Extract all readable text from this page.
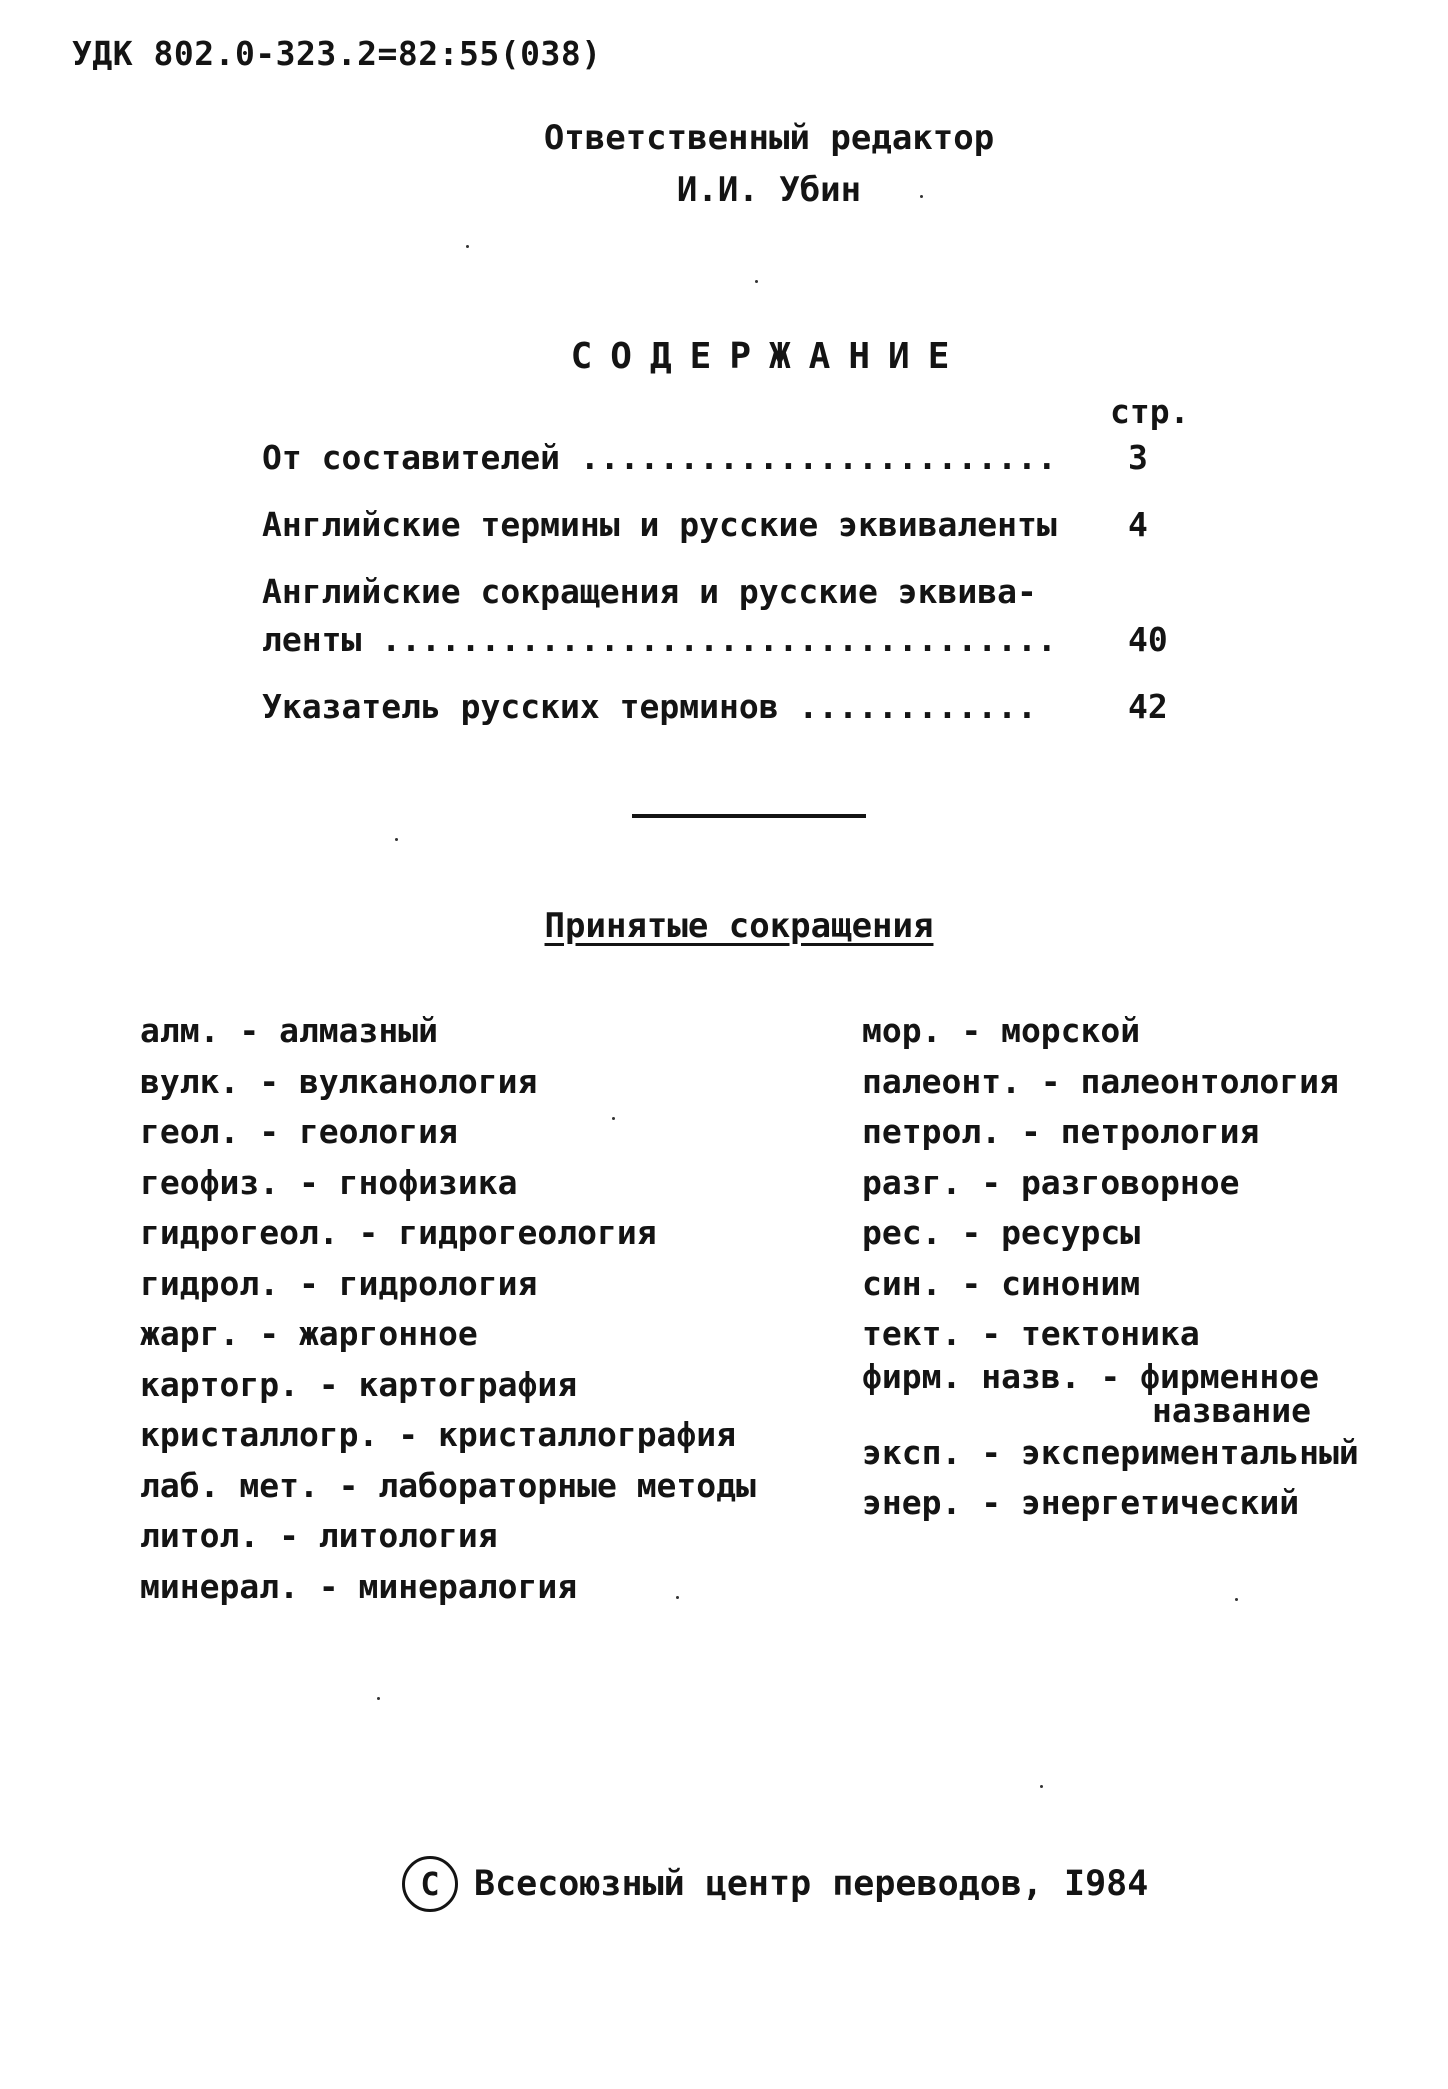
УДК 802.0-323.2=82:55(038)
Ответственный редактор
И.И. Убин
СОДЕРЖАНИЕ
стр.
От составителей ........................ 3
Английские термины и русские эквиваленты 4
Английские сокращения и русские эквива-
ленты .................................. 40
Указатель русских терминов ............	42
Принятые сокращения
алм. - алмазный
вулк. - вулканология
геол. - геология
геофиз. - гнофизика
гидрогеол. - гидрогеология
гидрол. - гидрология
жарг. - жаргонное
картогр. - картография
кристаллогр. - кристаллография
лаб. мет. - лабораторные методы
литол. - литология
минерал. - минералогия
мор. - морской
палеонт. - палеонтология
петрол. - петрология
разг. - разговорное
рес. - ресурсы
син. - синоним
тект. - тектоника
фирм. назв. - фирменное
название
эксп. - экспериментальный
энер. - энергетический
С Всесоюзный центр переводов, I984
